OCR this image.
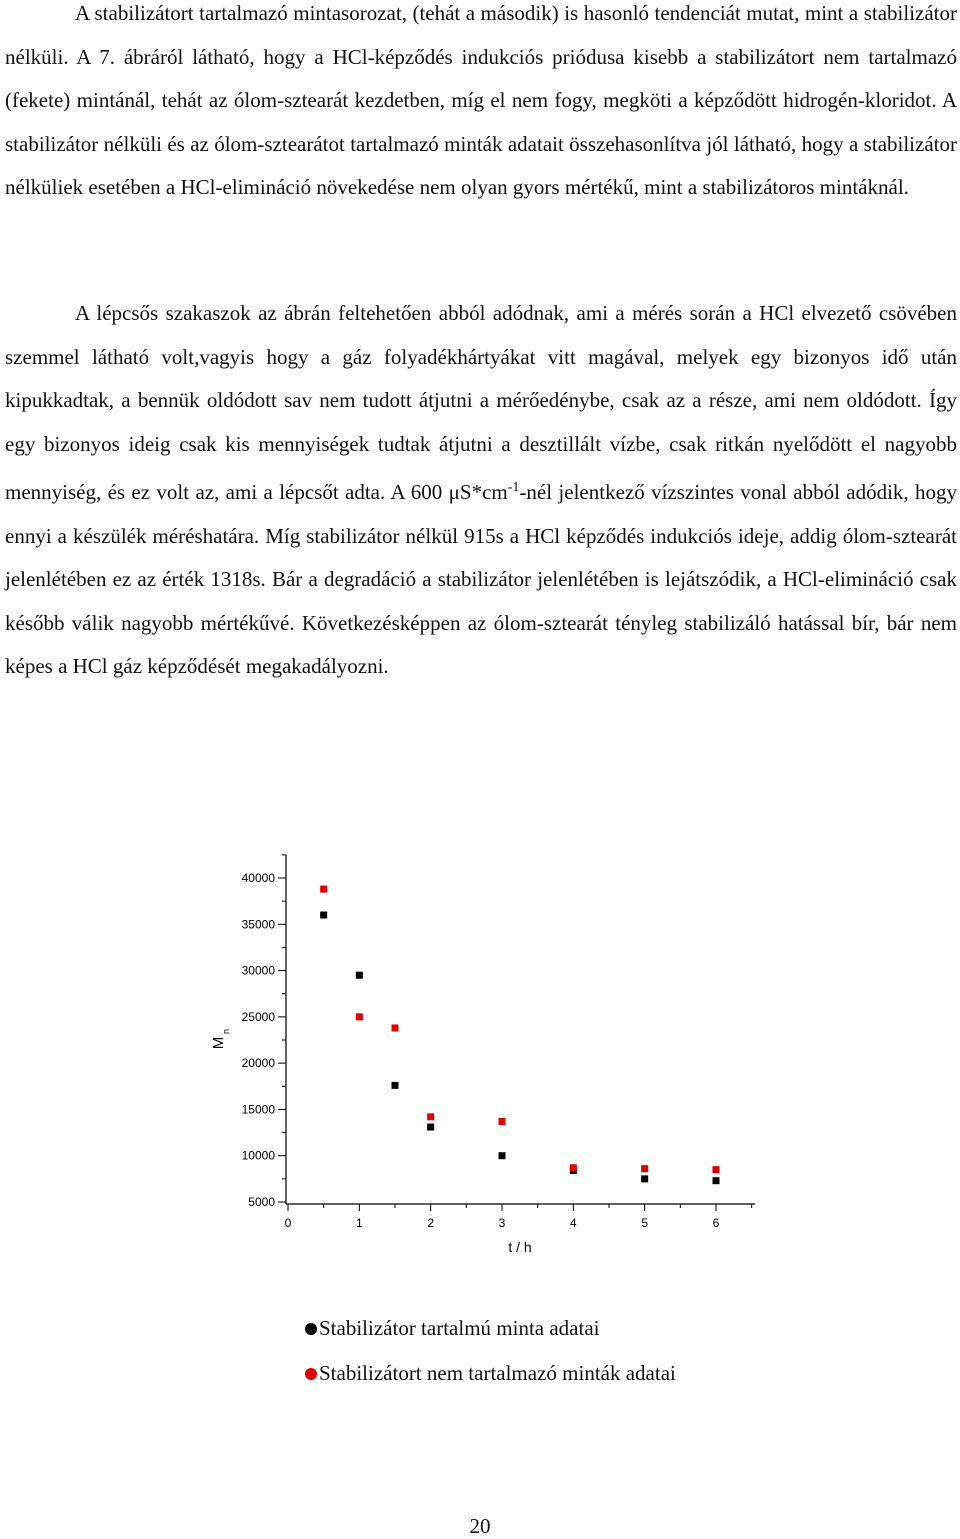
A stabilizátort tartalmazó mintasorozat, (tehát a második) is hasonló tendenciát mutat, mint a stabilizátor nélküli. A 7. ábráról látható, hogy a HCl-képződés indukciós priódusa kisebb a stabilizátort nem tartalmazó (fekete) mintánál, tehát az ólom-sztearát kezdetben, míg el nem fogy, megköti a képződött hidrogén-kloridot. A stabilizátor nélküli és az ólom-sztearátot tartalmazó minták adatait összehasonlítva jól látható, hogy a stabilizátor nélküliek esetében a HCl-elimináció növekedése nem olyan gyors mértékű, mint a stabilizátoros mintáknál.

A lépcsős szakaszok az ábrán feltehetően abból adódnak, ami a mérés során a HCl elvezető csövében szemmel látható volt,vagyis hogy a gáz folyadékhártyákat vitt magával, melyek egy bizonyos idő után kipukkadtak, a bennük oldódott sav nem tudott átjutni a mérőedénybe, csak az a része, ami nem oldódott. Így egy bizonyos ideig csak kis mennyiségek tudtak átjutni a desztillált vízbe, csak ritkán nyelődött el nagyobb mennyiség, és ez volt az, ami a lépcsőt adta. A 600 $\mu S*cm^{-1}$-nél jelentkező vízszintes vonal abból adódik, hogy ennyi a készülék méréshatára. Míg stabilizátor nélkül 915s a HCl képződés indukciós ideje, addig ólom-sztearát jelenlétében ez az érték 1318s. Bár a degradáció a stabilizátor jelenlétében is lejátszódik, a HCl-elimináció csak később válik nagyobb mértékűvé. Következésképpen az ólom-sztearát tényleg stabilizáló hatással bír, bár nem képes a HCl gáz képződését megakadályozni.

5000
10000
15000
20000
25000
30000
35000
40000
0	1	2	3	4	5	6
t / h
M
n
Stabilizátor tartalmú minta adatai
Stabilizátort nem tartalmazó minták adatai
20
